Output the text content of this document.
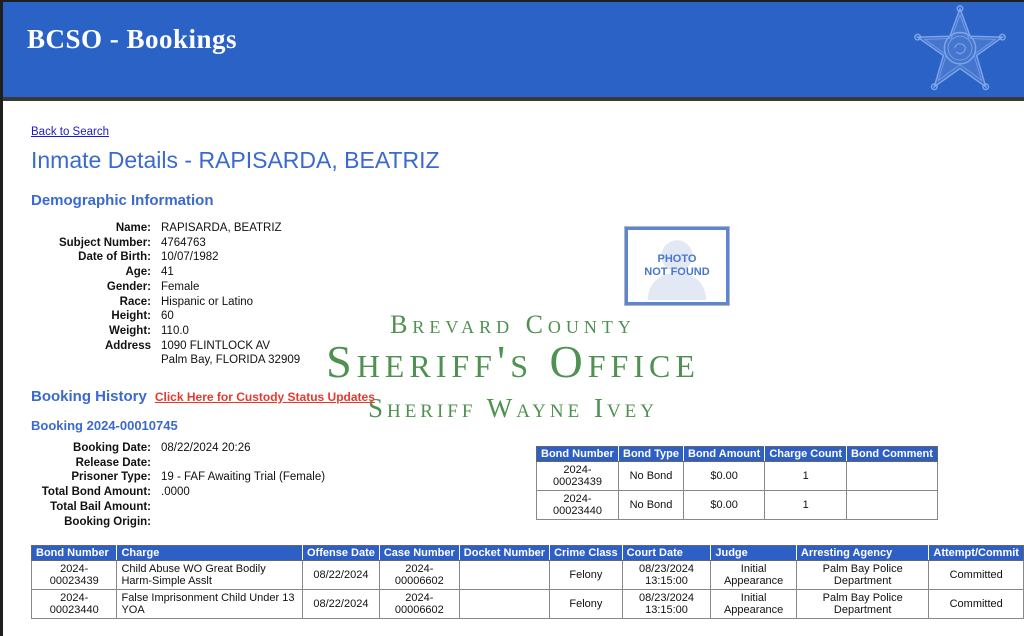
BCSO - Bookings
Back to Search
Inmate Details - RAPISARDA, BEATRIZ
Demographic Information
Name: RAPISARDA, BEATRIZ
Subject Number: 4764763
Date of Birth: 10/07/1982
Age: 41
Gender: Female
Race: Hispanic or Latino
Height: 60
Weight: 110.0
Address 1090 FLINTLOCK AV
Palm Bay, FLORIDA 32909
PHOTO
NOT FOUND
Brevard County
Sheriff's Office
Sheriff Wayne Ivey
Booking History Click Here for Custody Status Updates
Booking 2024-00010745
Booking Date: 08/22/2024 20:26
Release Date:

Prisoner Type: 19 - FAF Awaiting Trial (Female)
Total Bond Amount: .0000
Total Bail Amount:

Booking Origin:

Bond Number	Bond Type	Bond Amount	Charge Count	Bond Comment
2024-00023439	No Bond	$0.00	1	
2024-00023440	No Bond	$0.00	1	
Bond Number	Charge	Offense Date	Case Number	Docket Number	Crime Class	Court Date	Judge	Arresting Agency	Attempt/Commit
2024-00023439	Child Abuse WO Great Bodily Harm-Simple Asslt	08/22/2024	2024-00006602		Felony	08/23/2024 13:15:00	Initial Appearance	Palm Bay Police Department	Committed
2024-00023440	False Imprisonment Child Under 13 YOA	08/22/2024	2024-00006602		Felony	08/23/2024 13:15:00	Initial Appearance	Palm Bay Police Department	Committed
